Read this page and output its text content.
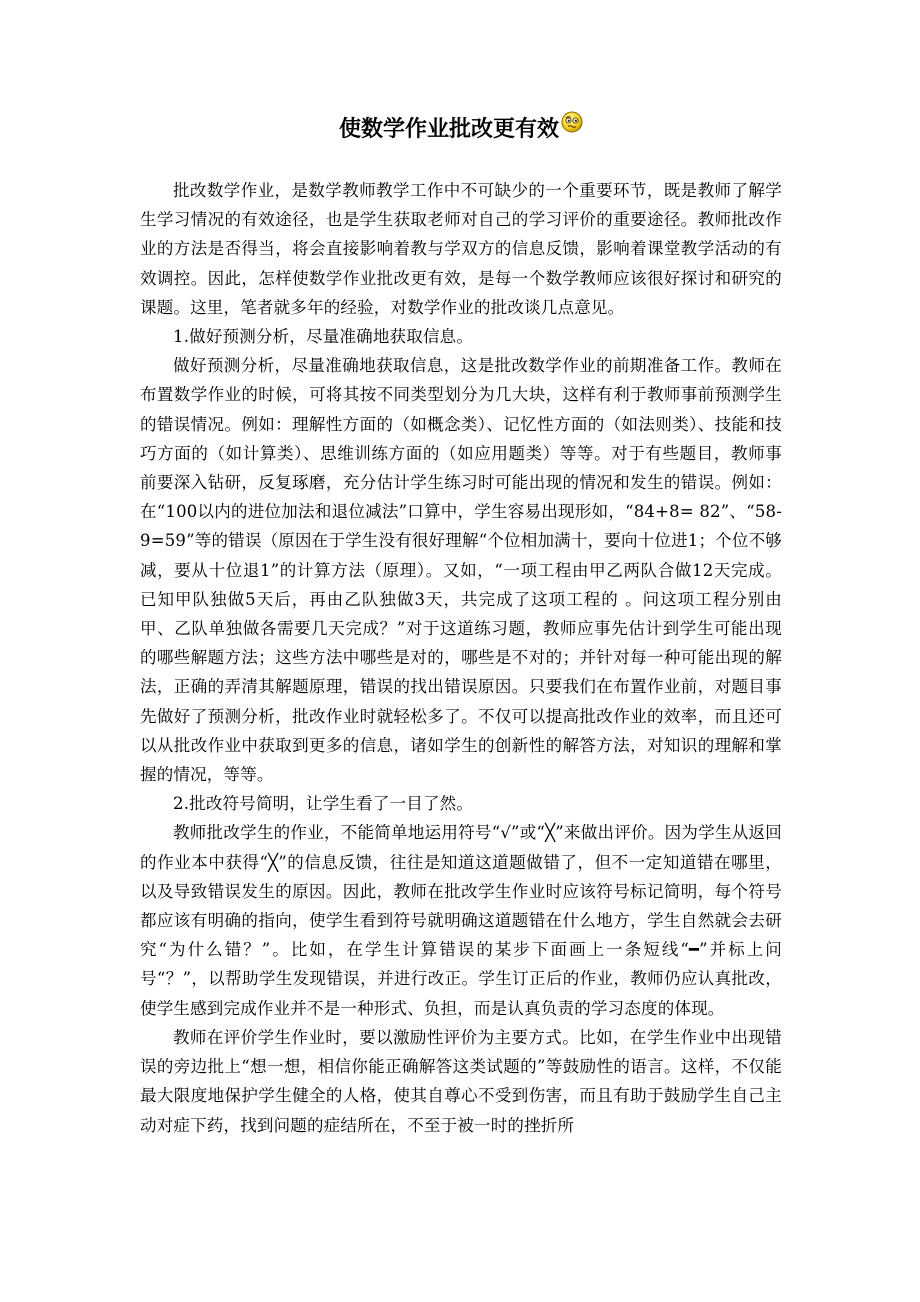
使数学作业批改更有效

批改数学作业，是数学教师教学工作中不可缺少的一个重要环节，既是教师了解学生学习情况的有效途径，也是学生获取老师对自己的学习评价的重要途径。教师批改作业的方法是否得当，将会直接影响着教与学双方的信息反馈，影响着课堂教学活动的有效调控。因此，怎样使数学作业批改更有效，是每一个数学教师应该很好探讨和研究的课题。这里，笔者就多年的经验，对数学作业的批改谈几点意见。

1.做好预测分析，尽量准确地获取信息。

做好预测分析，尽量准确地获取信息，这是批改数学作业的前期准备工作。教师在布置数学作业的时候，可将其按不同类型划分为几大块，这样有利于教师事前预测学生的错误情况。例如：理解性方面的（如概念类）、记忆性方面的（如法则类）、技能和技巧方面的（如计算类）、思维训练方面的（如应用题类）等等。对于有些题目，教师事前要深入钻研，反复琢磨，充分估计学生练习时可能出现的情况和发生的错误。例如：在“100以内的进位加法和退位减法”口算中，学生容易出现形如，“84+8= 82”、“58-9=59”等的错误（原因在于学生没有很好理解“个位相加满十，要向十位进1；个位不够减，要从十位退1”的计算方法（原理）。又如，“一项工程由甲乙两队合做12天完成。已知甲队独做5天后，再由乙队独做3天，共完成了这项工程的 。问这项工程分别由甲、乙队单独做各需要几天完成？”对于这道练习题，教师应事先估计到学生可能出现的哪些解题方法；这些方法中哪些是对的，哪些是不对的；并针对每一种可能出现的解法，正确的弄清其解题原理，错误的找出错误原因。只要我们在布置作业前，对题目事先做好了预测分析，批改作业时就轻松多了。不仅可以提高批改作业的效率，而且还可以从批改作业中获取到更多的信息，诸如学生的创新性的解答方法，对知识的理解和掌握的情况，等等。

2.批改符号简明，让学生看了一目了然。

教师批改学生的作业，不能简单地运用符号“√”或“╳”来做出评价。因为学生从返回的作业本中获得“╳”的信息反馈，往往是知道这道题做错了，但不一定知道错在哪里，以及导致错误发生的原因。因此，教师在批改学生作业时应该符号标记简明，每个符号都应该有明确的指向，使学生看到符号就明确这道题错在什么地方，学生自然就会去研究“为什么错？”。比如，在学生计算错误的某步下面画上一条短线“━”并标上问号“？”，以帮助学生发现错误，并进行改正。学生订正后的作业，教师仍应认真批改，使学生感到完成作业并不是一种形式、负担，而是认真负责的学习态度的体现。

教师在评价学生作业时，要以激励性评价为主要方式。比如，在学生作业中出现错误的旁边批上“想一想，相信你能正确解答这类试题的”等鼓励性的语言。这样，不仅能最大限度地保护学生健全的人格，使其自尊心不受到伤害，而且有助于鼓励学生自己主动对症下药，找到问题的症结所在，不至于被一时的挫折所
